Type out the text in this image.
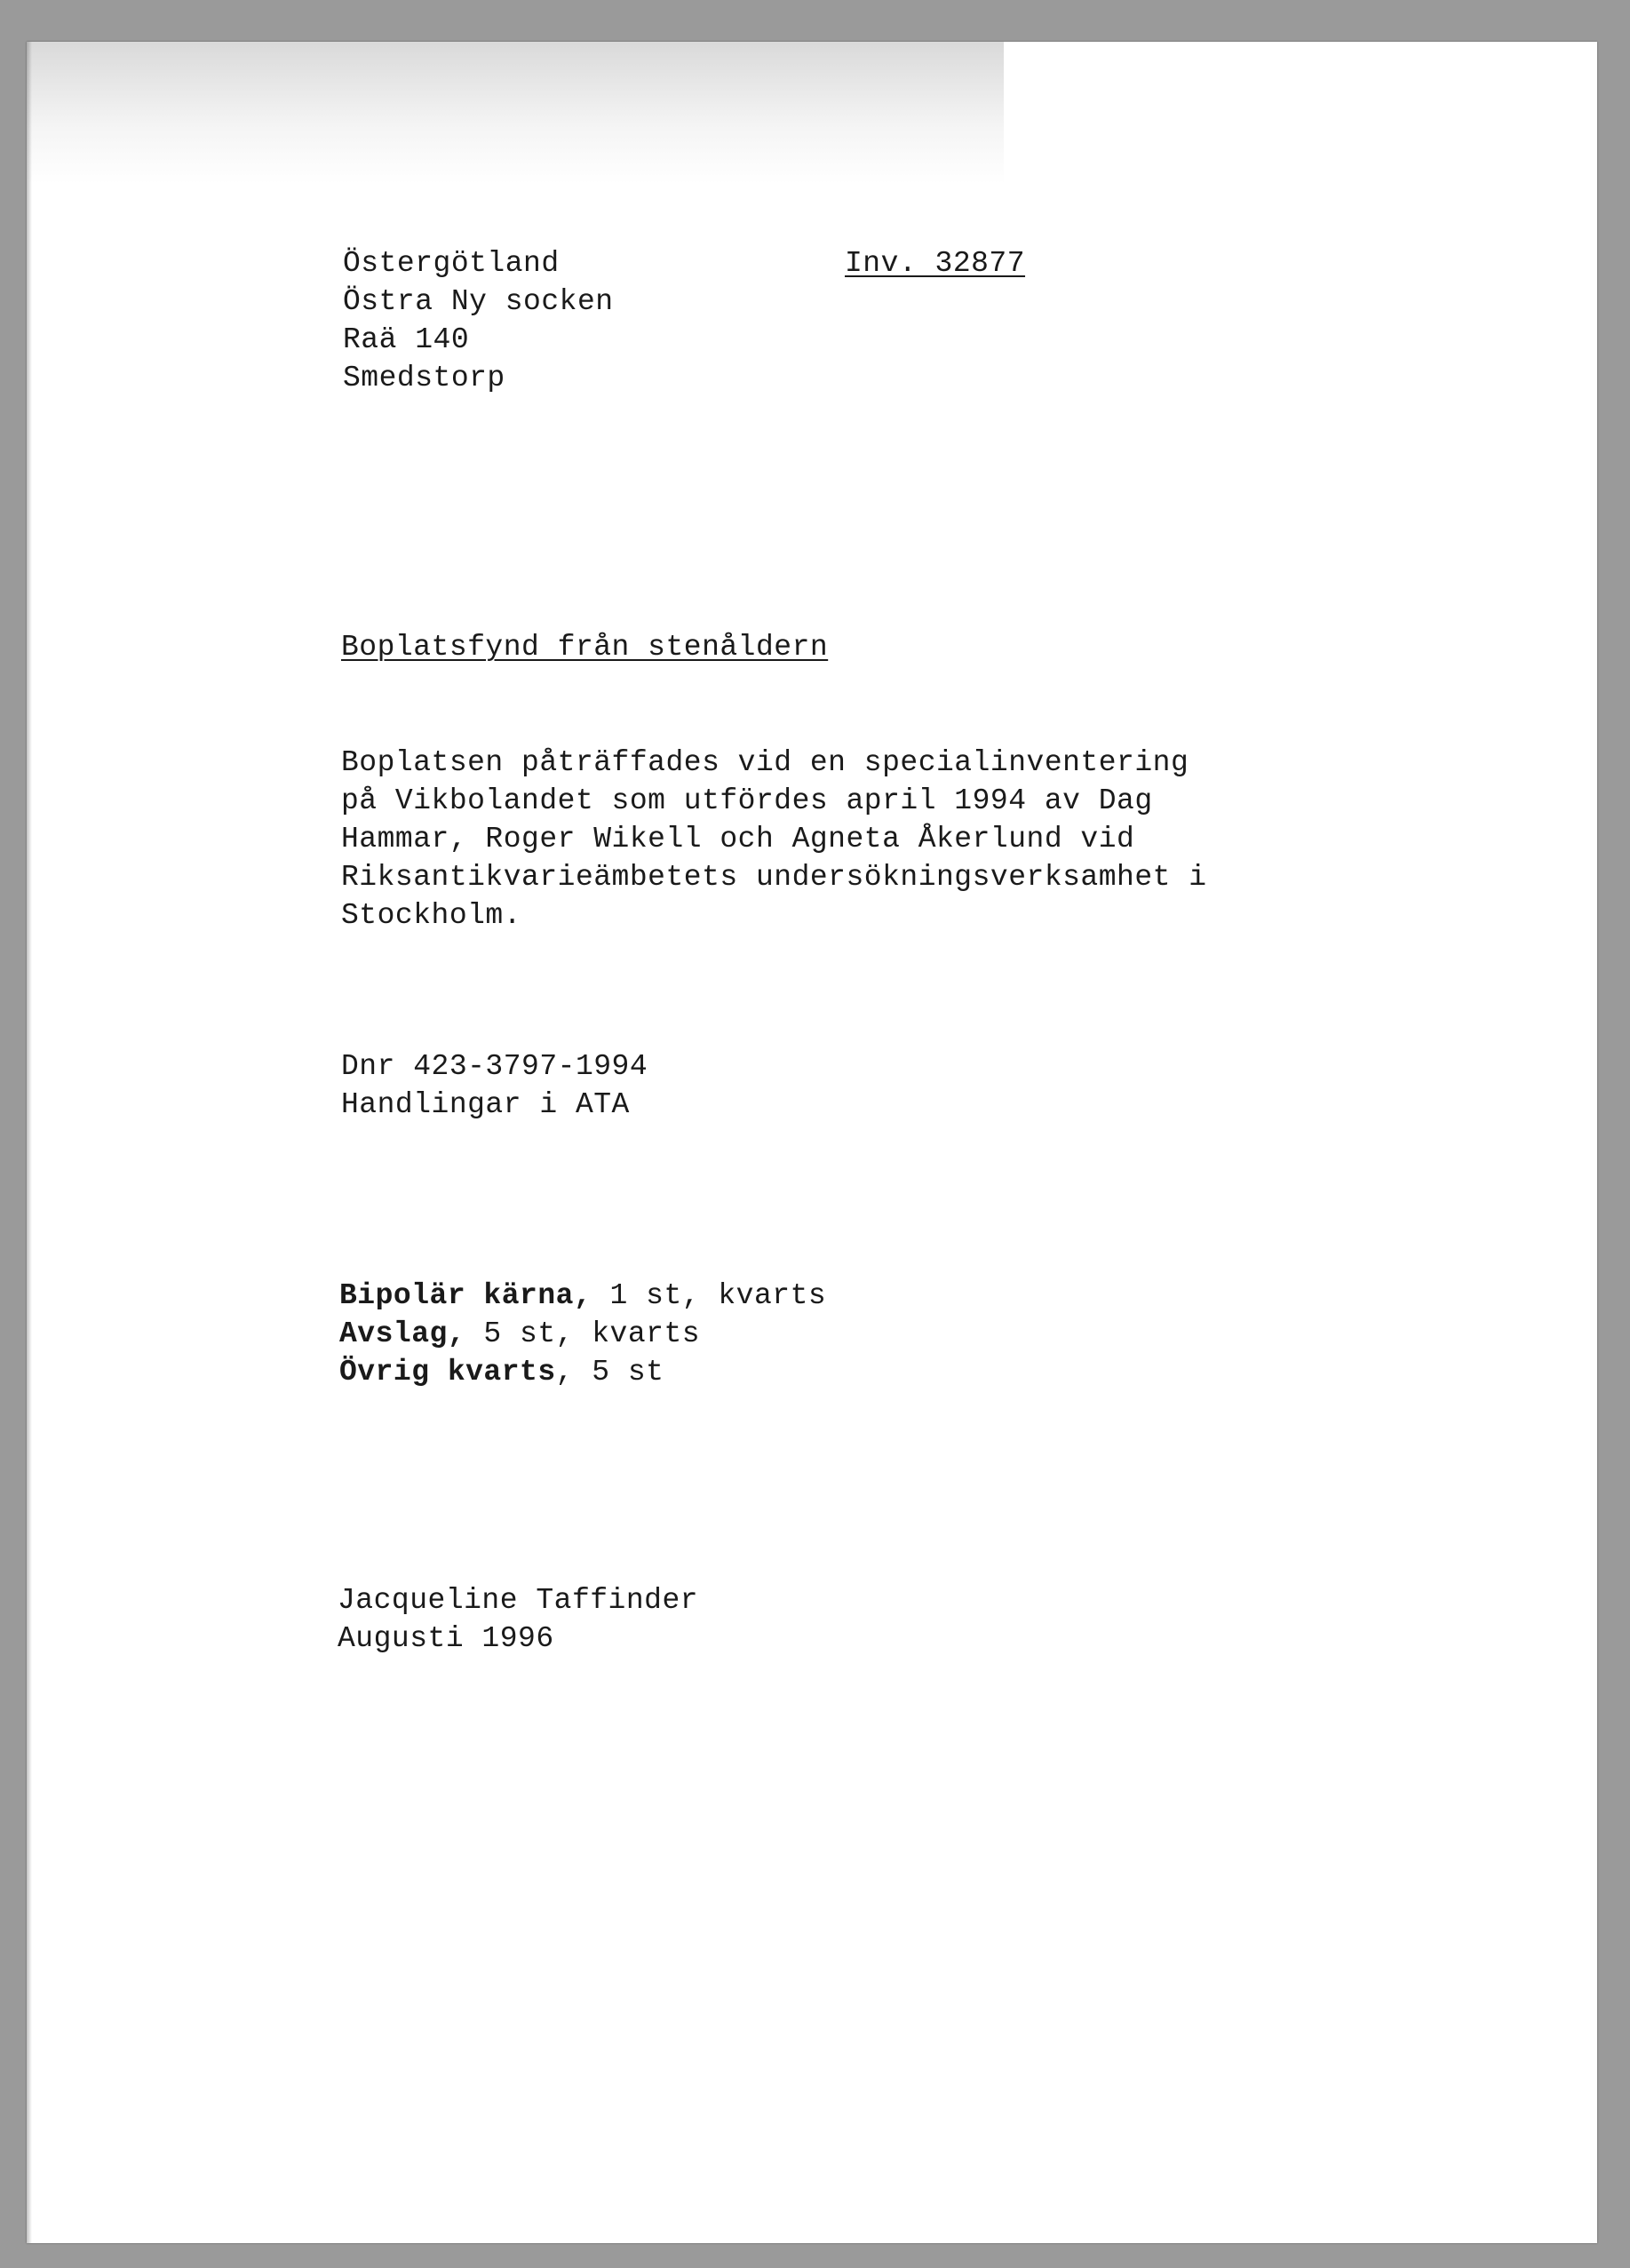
Östergötland	Inv. 32877
Östra Ny socken
Raä 140
Smedstorp
Boplatsfynd från stenåldern
Boplatsen påträffades vid en specialinventering
på Vikbolandet som utfördes april 1994 av Dag
Hammar, Roger Wikell och Agneta Åkerlund vid
Riksantikvarieämbetets undersökningsverksamhet i
Stockholm.
Dnr 423-3797-1994
Handlingar i ATA
Bipolär kärna, 1 st, kvarts
Avslag, 5 st, kvarts
Övrig kvarts, 5 st
Jacqueline Taffinder
Augusti 1996
